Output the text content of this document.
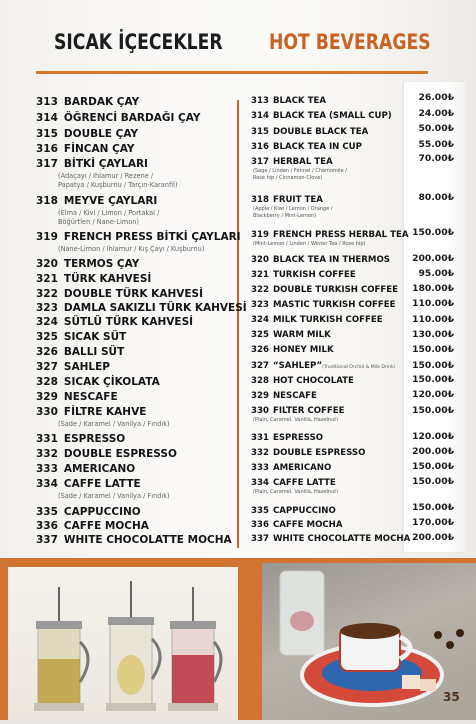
SICAK İÇECEKLER HOT BEVERAGES
313 BARDAK ÇAY
314 ÖĞRENCİ BARDAĞI ÇAY
315 DOUBLE ÇAY
316 FİNCAN ÇAY
317 BİTKİ ÇAYLARI
(Adaçayı / Ihlamur / Rezene /
Papatya / Kuşburnu / Tarçın-Karanfil)
318 MEYVE ÇAYLARI
(Elma / Kivi / Limon / Portakal /
Böğürtlen / Nane-Limon)
319 FRENCH PRESS BİTKİ ÇAYLARI
(Nane-Limon / Ihlamur / Kış Çayı / Kuşburnu)
320 TERMOS ÇAY
321 TÜRK KAHVESİ
322 DOUBLE TÜRK KAHVESİ
323 DAMLA SAKIZLI TÜRK KAHVESİ
324 SÜTLÜ TÜRK KAHVESİ
325 SICAK SÜT
326 BALLI SÜT
327 SAHLEP
328 SICAK ÇİKOLATA
329 NESCAFE
330 FİLTRE KAHVE
(Sade / Karamel / Vanilya / Fındık)
331 ESPRESSO
332 DOUBLE ESPRESSO
333 AMERICANO
334 CAFFE LATTE
(Sade / Karamel / Vanilya / Fındık)
335 CAPPUCCINO
336 CAFFE MOCHA
337 WHITE CHOCOLATTE MOCHA
313 BLACK TEA	26.00₺
314 BLACK TEA (SMALL CUP)	24.00₺
315 DOUBLE BLACK TEA	50.00₺
316 BLACK TEA IN CUP	55.00₺
317 HERBAL TEA
(Sage / Linden / Fennel / Chamomile /
Rose hip / Cinnamon-Clove)
70.00₺
318 FRUIT TEA
(Apple / Kiwi / Lemon / Orange /
Blackberry / Mint-Lemon)
80.00₺
319 FRENCH PRESS HERBAL TEA
(Mint-Lemon / Linden / Winter Tea / Rose hip)
150.00₺
320 BLACK TEA IN THERMOS 200.00₺
321 TURKISH COFFEE	95.00₺
322 DOUBLE TURKISH COFFEE 180.00₺
323 MASTIC TURKISH COFFEE 110.00₺
324 MILK TURKISH COFFEE	110.00₺
325 WARM MILK	130.00₺
326 HONEY MILK	150.00₺
327 “SAHLEP”(Traditional Orchid & Milk Drink) 150.00₺
328 HOT CHOCOLATE	150.00₺
329 NESCAFE	120.00₺
330 FILTER COFFEE
(Plain, Caramel, Vanilla, Hazelnut)
150.00₺
331 ESPRESSO	120.00₺
332 DOUBLE ESPRESSO	200.00₺
333 AMERICANO	150.00₺
334 CAFFE LATTE
(Plain, Caramel, Vanilla, Hazelnut)
150.00₺
335 CAPPUCCINO	150.00₺
336 CAFFE MOCHA	170.00₺
337 WHITE CHOCOLATTE MOCHA 200.00₺
35
